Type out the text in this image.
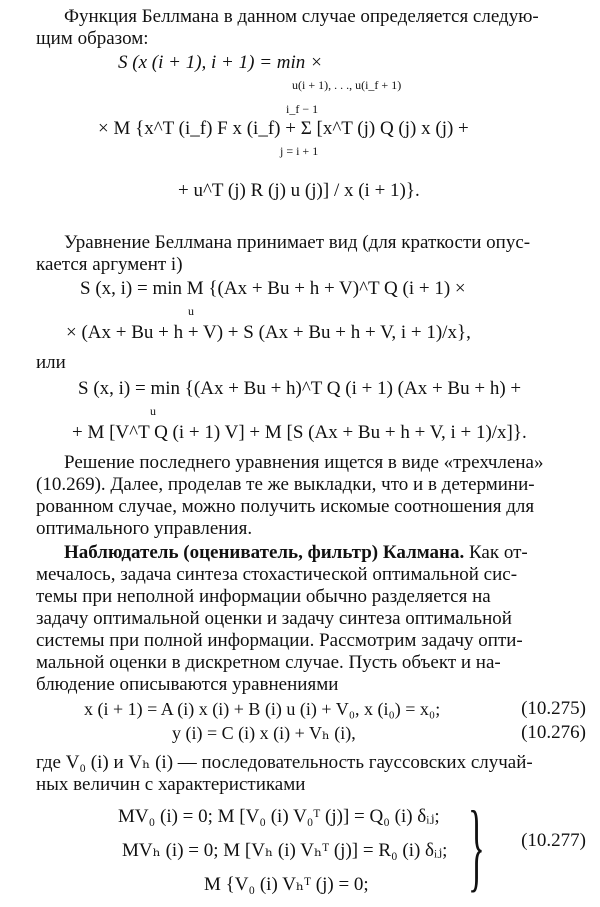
Функция Беллмана в данном случае определяется следую-
щим образом:
S (x (i + 1), i + 1) = min ×
u(i + 1), . . ., u(i_f + 1)
i_f − 1
× M {x^T (i_f) F x (i_f) + Σ [x^T (j) Q (j) x (j) +
j = i + 1
+ u^T (j) R (j) u (j)] / x (i + 1)}.
Уравнение Беллмана принимает вид (для краткости опус-
кается аргумент i)
S (x, i) = min M {(Ax + Bu + h + V)^T Q (i + 1) ×
u
× (Ax + Bu + h + V) + S (Ax + Bu + h + V, i + 1)/x},
или
S (x, i) = min {(Ax + Bu + h)^T Q (i + 1) (Ax + Bu + h) +
u
+ M [V^T Q (i + 1) V] + M [S (Ax + Bu + h + V, i + 1)/x]}.
Решение последнего уравнения ищется в виде «трехчлена»
(10.269). Далее, проделав те же выкладки, что и в детермини-
рованном случае, можно получить искомые соотношения для
оптимального управления.
Наблюдатель (оцениватель, фильтр) Калмана. Как от-
мечалось, задача синтеза стохастической оптимальной сис-
темы при неполной информации обычно разделяется на
задачу оптимальной оценки и задачу синтеза оптимальной
системы при полной информации. Рассмотрим задачу опти-
мальной оценки в дискретном случае. Пусть объект и на-
блюдение описываются уравнениями
x (i + 1) = A (i) x (i) + B (i) u (i) + V₀, x (i₀) = x₀;	(10.275)
y (i) = C (i) x (i) + Vₕ (i),	(10.276)
где V₀ (i) и Vₕ (i) — последовательность гауссовских случай-
ных величин с характеристиками
MV₀ (i) = 0; M [V₀ (i) V₀ᵀ (j)] = Q₀ (i) δᵢⱼ;
MVₕ (i) = 0; M [Vₕ (i) Vₕᵀ (j)] = R₀ (i) δᵢⱼ;
M {V₀ (i) Vₕᵀ (j) = 0; } (10.277)
